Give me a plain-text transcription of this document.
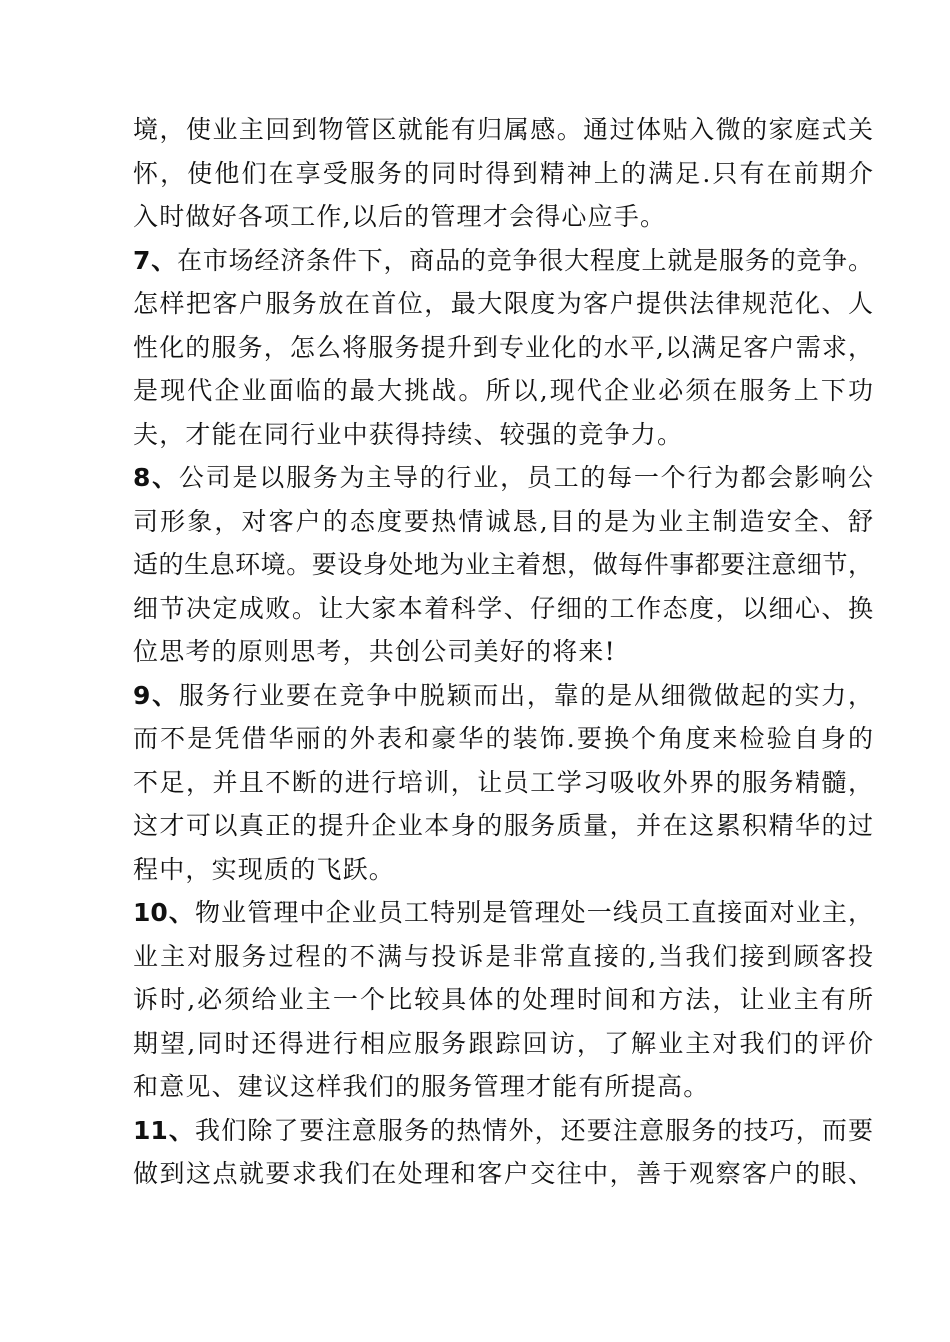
境，使业主回到物管区就能有归属感。通过体贴入微的家庭式关
怀，使他们在享受服务的同时得到精神上的满足.只有在前期介
入时做好各项工作,以后的管理才会得心应手。
7、在市场经济条件下，商品的竞争很大程度上就是服务的竞争。
怎样把客户服务放在首位，最大限度为客户提供法律规范化、人
性化的服务，怎么将服务提升到专业化的水平,以满足客户需求，
是现代企业面临的最大挑战。所以,现代企业必须在服务上下功
夫，才能在同行业中获得持续、较强的竞争力。
8、公司是以服务为主导的行业，员工的每一个行为都会影响公
司形象，对客户的态度要热情诚恳,目的是为业主制造安全、舒
适的生息环境。要设身处地为业主着想，做每件事都要注意细节，
细节决定成败。让大家本着科学、仔细的工作态度，以细心、换
位思考的原则思考，共创公司美好的将来!
9、服务行业要在竞争中脱颖而出，靠的是从细微做起的实力，
而不是凭借华丽的外表和豪华的装饰.要换个角度来检验自身的
不足，并且不断的进行培训，让员工学习吸收外界的服务精髓，
这才可以真正的提升企业本身的服务质量，并在这累积精华的过
程中，实现质的飞跃。
10、物业管理中企业员工特别是管理处一线员工直接面对业主，
业主对服务过程的不满与投诉是非常直接的,当我们接到顾客投
诉时,必须给业主一个比较具体的处理时间和方法，让业主有所
期望,同时还得进行相应服务跟踪回访，了解业主对我们的评价
和意见、建议这样我们的服务管理才能有所提高。
11、我们除了要注意服务的热情外，还要注意服务的技巧，而要
做到这点就要求我们在处理和客户交往中，善于观察客户的眼、
